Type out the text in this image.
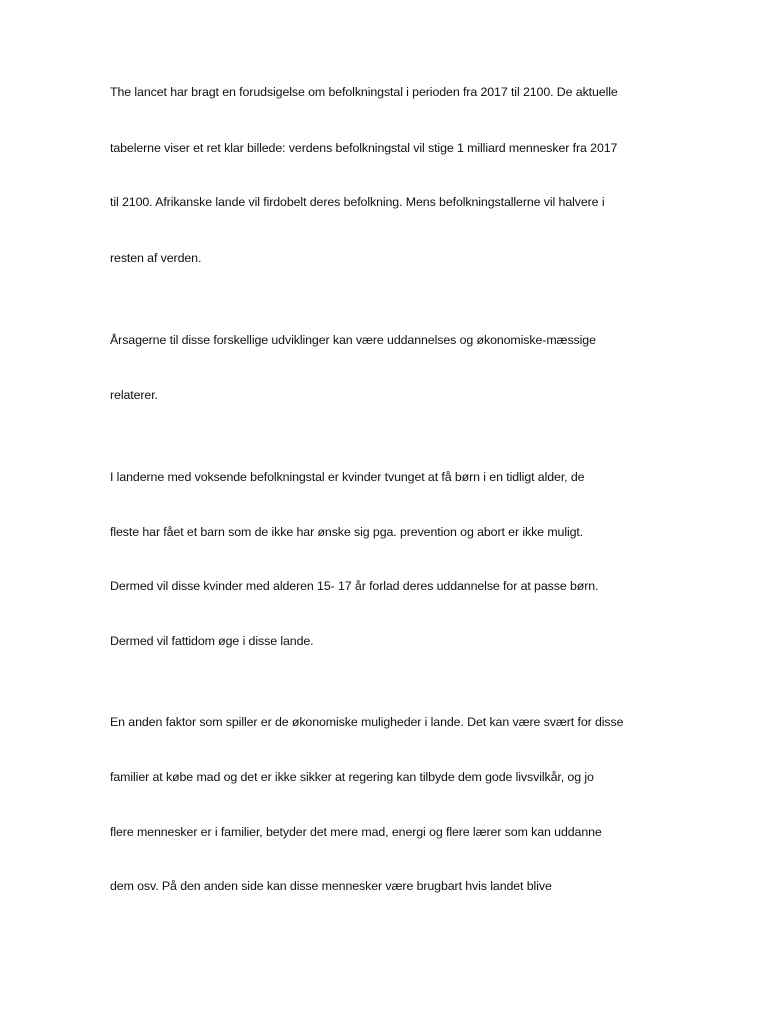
The lancet har bragt en forudsigelse om befolkningstal i perioden fra 2017 til 2100. De aktuelle
tabelerne viser et ret klar billede: verdens befolkningstal vil stige 1 milliard mennesker fra 2017
til 2100. Afrikanske lande vil firdobelt deres befolkning. Mens befolkningstallerne vil halvere i
resten af verden.
Årsagerne til disse forskellige udviklinger kan være uddannelses og økonomiske-mæssige
relaterer.
I landerne med voksende befolkningstal er kvinder tvunget at få børn i en tidligt alder, de
fleste har fået et barn som de ikke har ønske sig pga. prevention og abort er ikke muligt.
Dermed vil disse kvinder med alderen 15- 17 år forlad deres uddannelse for at passe børn.
Dermed vil fattidom øge i disse lande.
En anden faktor som spiller er de økonomiske muligheder i lande. Det kan være svært for disse
familier at købe mad og det er ikke sikker at regering kan tilbyde dem gode livsvilkår, og jo
flere mennesker er i familier, betyder det mere mad, energi og flere lærer som kan uddanne
dem osv. På den anden side kan disse mennesker være brugbart hvis landet blive
